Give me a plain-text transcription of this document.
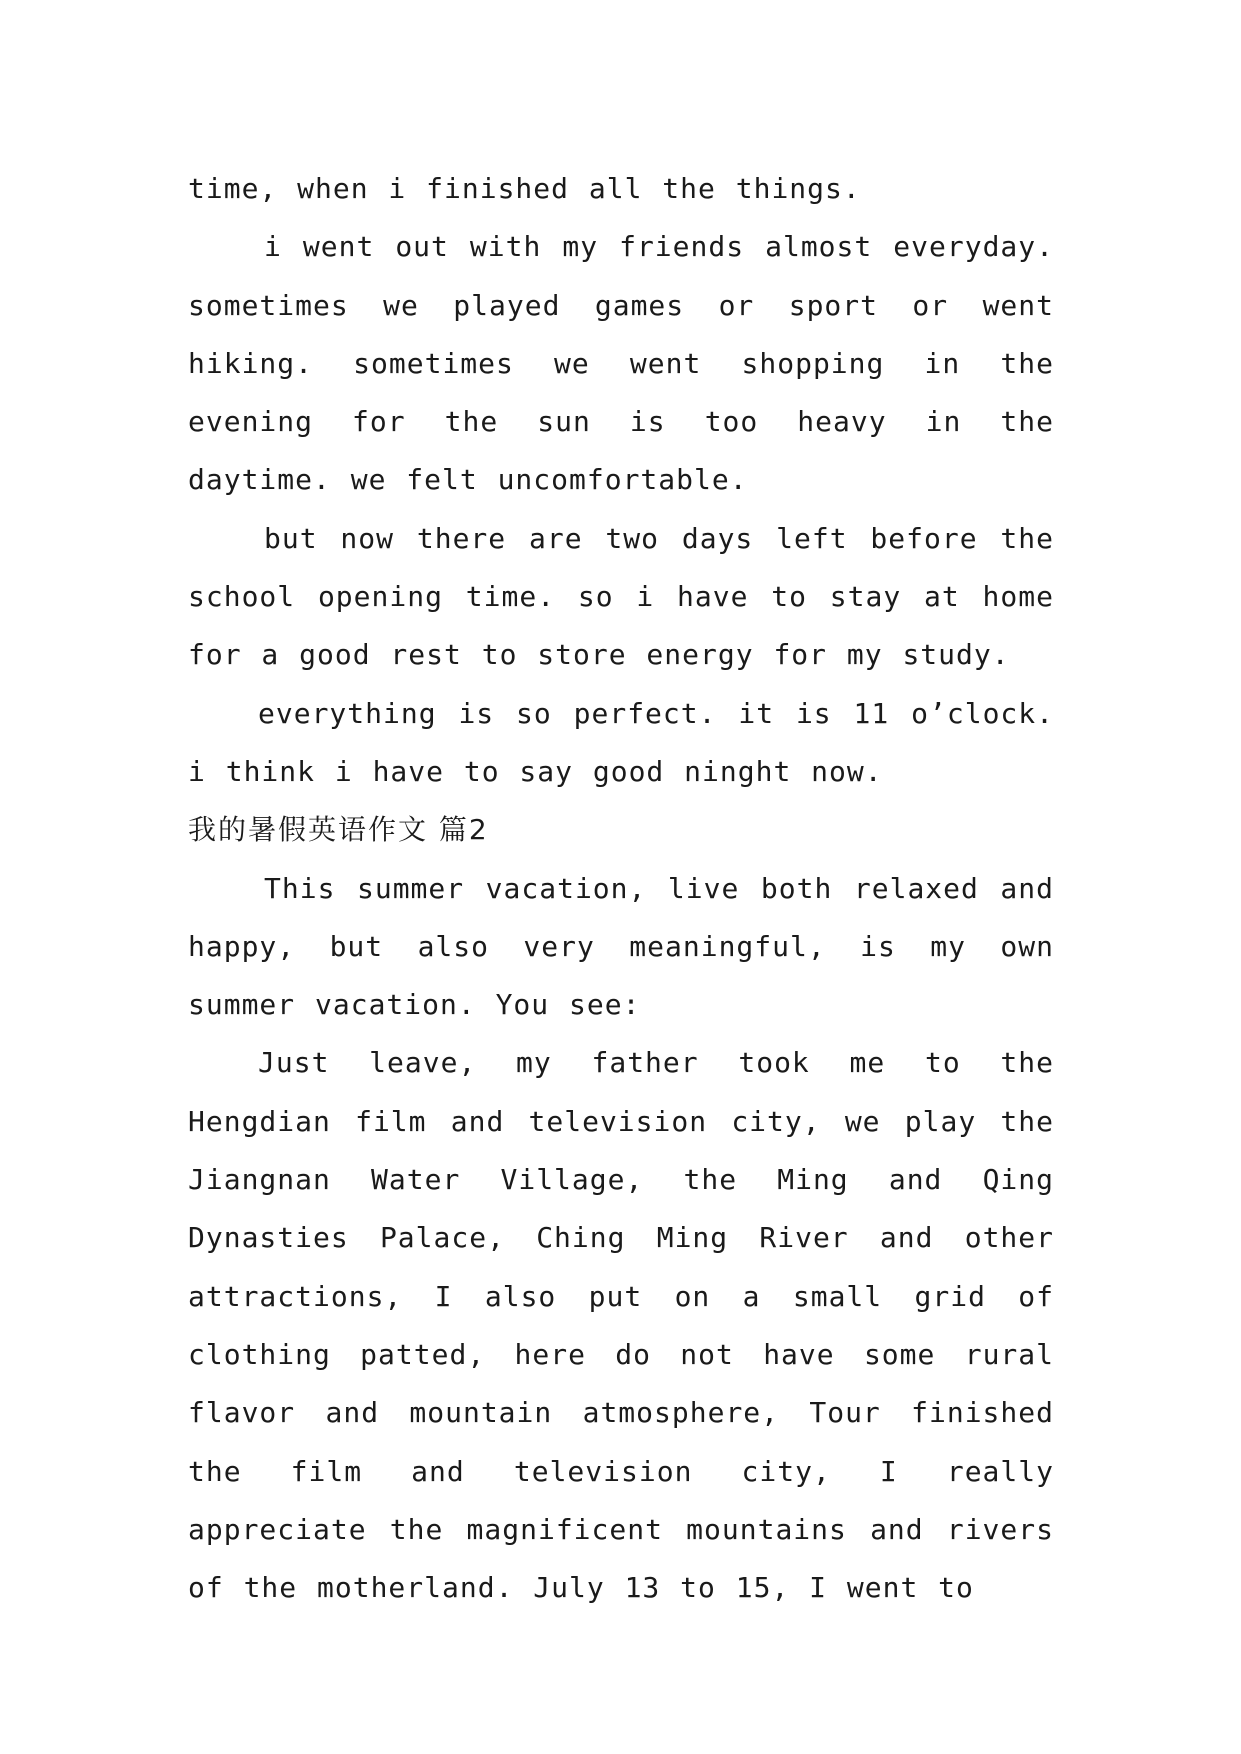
time, when i finished all the things.

i went out with my friends almost everyday. sometimes we played games or sport or went hiking. sometimes we went shopping in the evening for the sun is too heavy in the daytime. we felt uncomfortable.

but now there are two days left before the school opening time. so i have to stay at home for a good rest to store energy for my study.

everything is so perfect. it is 11 o’clock. i think i have to say good ninght now.

我的暑假英语作文 篇2

This summer vacation, live both relaxed and happy, but also very meaningful, is my own summer vacation. You see:

Just leave, my father took me to the Hengdian film and television city, we play the Jiangnan Water Village, the Ming and Qing Dynasties Palace, Ching Ming River and other attractions, I also put on a small grid of clothing patted, here do not have some rural flavor and mountain atmosphere, Tour finished the film and television city, I really appreciate the magnificent mountains and rivers of the motherland. July 13 to 15, I went to
